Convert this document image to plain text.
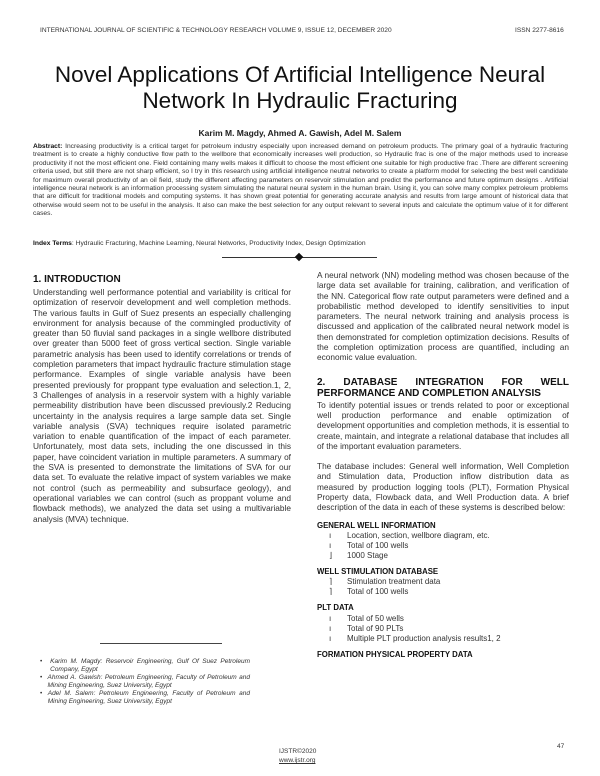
INTERNATIONAL JOURNAL OF SCIENTIFIC & TECHNOLOGY RESEARCH VOLUME 9, ISSUE 12, DECEMBER 2020	ISSN 2277-8616
Novel Applications Of Artificial Intelligence Neural
Network In Hydraulic Fracturing
Karim M. Magdy, Ahmed A. Gawish, Adel M. Salem
Abstract: Increasing productivity is a critical target for petroleum industry especially upon increased demand on petroleum products. The primary goal of a hydraulic fracturing treatment is to create a highly conductive flow path to the wellbore that economically increases well production, so Hydraulic frac is one of the major methods used to increase productivity if not the most efficient one. Field containing many wells makes it difficult to choose the most efficient one suitable for high productive frac .There are different screening criteria used, but still there are not sharp efficient, so I try in this research using artificial intelligence neutral networks to create a platform model for selecting the best well candidate for maximum overall productivity of an oil field, study the different affecting parameters on reservoir stimulation and predict the performance and future optimum designs . Artificial intelligence neural network is an information processing system simulating the natural neural system in the human brain. Using it, you can solve many complex petroleum problems that are difficult for traditional models and computing systems. It has shown great potential for generating accurate analysis and results from large amount of historical data that otherwise would seem not to be useful in the analysis. It also can make the best selection for any output relevant to several inputs and calculate the optimum value of it for different cases.
Index Terms: Hydraulic Fracturing, Machine Learning, Neural Networks, Productivity Index, Design Optimization
1. INTRODUCTION

Understanding well performance potential and variability is critical for optimization of reservoir development and well completion methods. The various faults in Gulf of Suez presents an especially challenging environment for analysis because of the commingled productivity of greater than 50 fluvial sand packages in a single wellbore distributed over greater than 5000 feet of gross vertical section. Single variable parametric analysis has been used to identify correlations or trends of completion parameters that impact hydraulic fracture stimulation stage performance. Examples of single variable analysis have been presented previously for proppant type evaluation and selection.1, 2, 3 Challenges of analysis in a reservoir system with a highly variable permeability distribution have been discussed previously.2 Reducing uncertainty in the analysis requires a large sample data set. Single variable analysis (SVA) techniques require isolated parametric variation to enable quantification of the impact of each parameter. Unfortunately, most data sets, including the one discussed in this paper, have coincident variation in multiple parameters. A summary of the SVA is presented to demonstrate the limitations of SVA for our data set. To evaluate the relative impact of system variables we make not control (such as permeability and subsurface geology), and operational variables we can control (such as proppant volume and flowback methods), we analyzed the data set using a multivariable analysis (MVA) technique.

•	Karim M. Magdy: Reservoir Engineering, Gulf Of Suez Petroleum Company, Egypt
• Ahmed A. Gawish: Petroleum Engineering, Faculty of Petroleum and Mining Engineering, Suez University, Egypt
• Adel M. Salem: Petroleum Engineering, Faculty of Petroleum and Mining Engineering, Suez University, Egypt

A neural network (NN) modeling method was chosen because of the large data set available for training, calibration, and verification of the NN. Categorical flow rate output parameters were defined and a probabilistic method developed to identify sensitivities to input parameters. The neural network training and analysis process is discussed and application of the calibrated neural network model is then demonstrated for completion optimization decisions. Results of the completion optimization process are quantified, including an economic value evaluation.

2. DATABASE INTEGRATION FOR WELL PERFORMANCE AND COMPLETION ANALYSIS

To identify potential issues or trends related to poor or exceptional well production performance and enable optimization of development opportunities and completion methods, it is essential to create, maintain, and integrate a relational database that includes all of the important evaluation parameters.

The database includes: General well information, Well Completion and Stimulation data, Production inflow distribution data as measured by production logging tools (PLT), Formation Physical Property data, Flowback data, and Well Production data. A brief description of the data in each of these systems is described below:

GENERAL WELL INFORMATION
ı	Location, section, wellbore diagram, etc.
ı	Total of 100 wells
⌋	1000 Stage
WELL STIMULATION DATABASE
⌉	Stimulation treatment data
⌉	Total of 100 wells
PLT DATA
ı	Total of 50 wells
ı	Total of 90 PLTs
ı	Multiple PLT production analysis results1, 2
FORMATION PHYSICAL PROPERTY DATA
IJSTR©2020
www.ijstr.org
47
